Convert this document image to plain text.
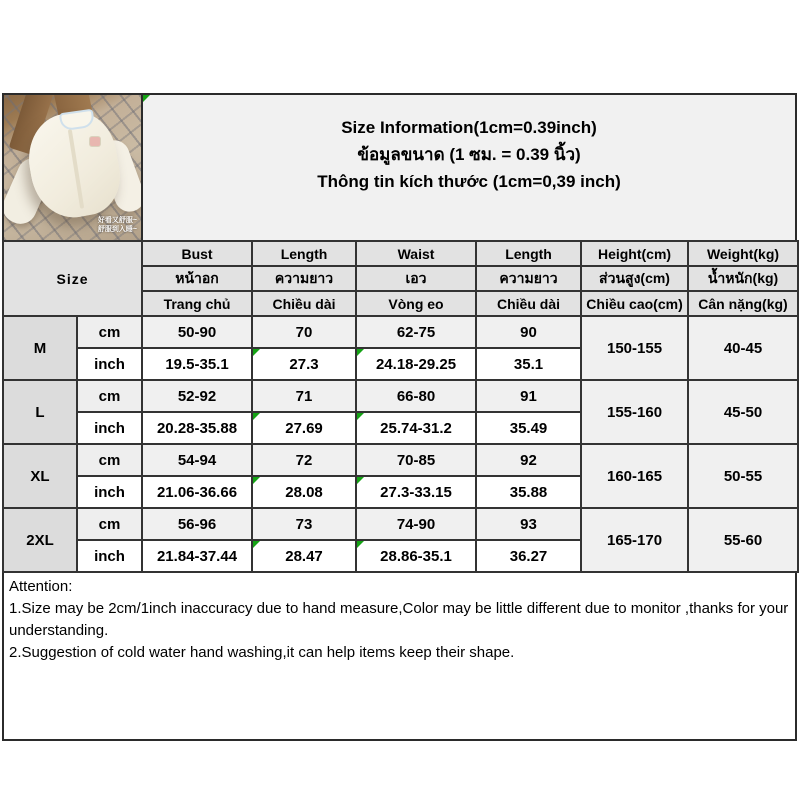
好看又舒服~
舒服到入睡~
Size Information(1cm=0.39inch)
ข้อมูลขนาด (1 ซม. = 0.39 นิ้ว)
Thông tin kích thước (1cm=0,39 inch)
Size		Bust	Length	Waist	Length	Height(cm)	Weight(kg)
		หน้าอก	ความยาว	เอว	ความยาว	ส่วนสูง(cm)	น้ำหนัก(kg)
		Trang chủ	Chiều dài	Vòng eo	Chiều dài	Chiều cao(cm)	Cân nặng(kg)
M	cm	50-90	70	62-75	90	150-155	40-45
	inch	19.5-35.1	27.3	24.18-29.25	35.1		
L	cm	52-92	71	66-80	91	155-160	45-50
	inch	20.28-35.88	27.69	25.74-31.2	35.49		
XL	cm	54-94	72	70-85	92	160-165	50-55
	inch	21.06-36.66	28.08	27.3-33.15	35.88		
2XL	cm	56-96	73	74-90	93	165-170	55-60
	inch	21.84-37.44	28.47	28.86-35.1	36.27		
Attention:
1.Size may be 2cm/1inch inaccuracy due to hand measure,Color may be little different due to monitor ,thanks for your understanding.
2.Suggestion of cold water hand washing,it can help items keep their shape.
